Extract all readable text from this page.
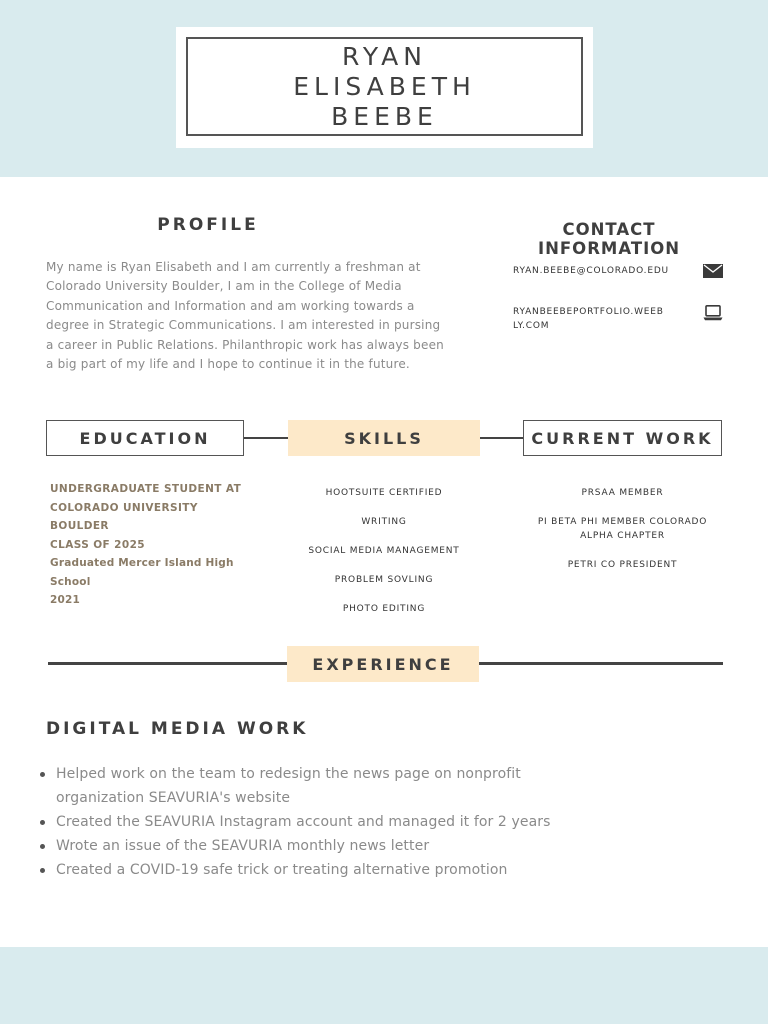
RYAN ELISABETH BEEBE
PROFILE

My name is Ryan Elisabeth and I am currently a freshman at Colorado University Boulder, I am in the College of Media Communication and Information and am working towards a degree in Strategic Communications. I am interested in pursing a career in Public Relations. Philanthropic work has always been a big part of my life and I hope to continue it in the future.

CONTACT INFORMATION
RYAN.BEEBE@COLORADO.EDU
RYANBEEBEPORTFOLIO.WEEBLY.COM
EDUCATION	SKILLS	CURRENT WORK
UNDERGRADUATE STUDENT AT
COLORADO UNIVERSITY BOULDER
CLASS OF 2025
Graduated Mercer Island High School
2021
HOOTSUITE CERTIFIED
WRITING
SOCIAL MEDIA MANAGEMENT
PROBLEM SOVLING
PHOTO EDITING
PRSAA MEMBER
PI BETA PHI MEMBER COLORADO ALPHA CHAPTER
PETRI CO PRESIDENT
EXPERIENCE
DIGITAL MEDIA WORK
Helped work on the team to redesign the news page on nonprofit organization SEAVURIA's website
Created the SEAVURIA Instagram account and managed it for 2 years
Wrote an issue of the SEAVURIA monthly news letter
Created a COVID-19 safe trick or treating alternative promotion
